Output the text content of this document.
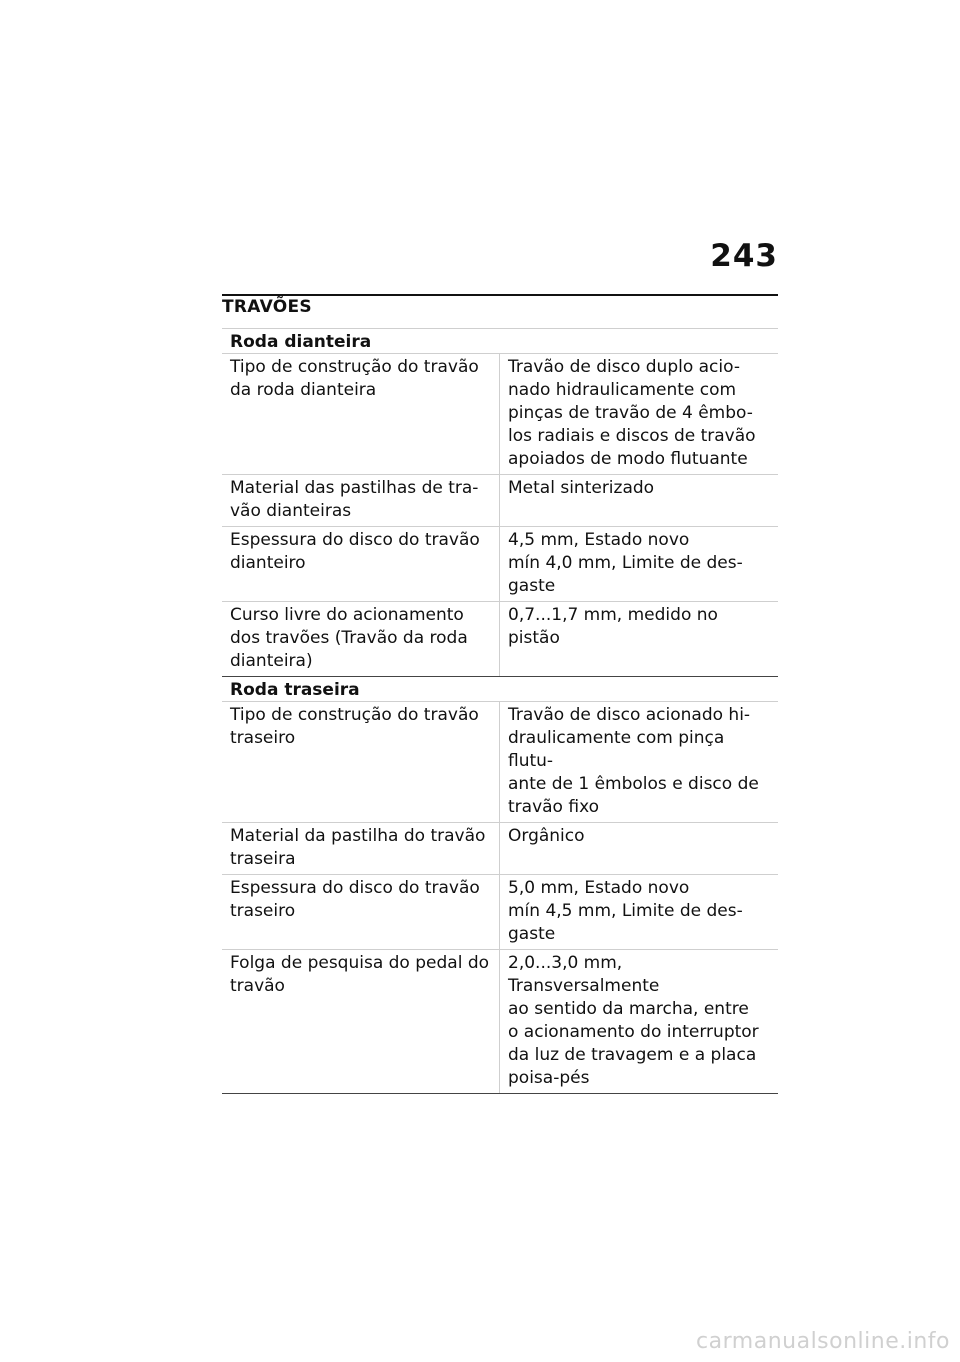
243
TRAVÕES
Roda dianteira
Tipo de construção do travão
da roda dianteira
Travão de disco duplo acio-
nado hidraulicamente com
pinças de travão de 4 êmbo-
los radiais e discos de travão
apoiados de modo flutuante
Material das pastilhas de tra-
vão dianteiras
Metal sinterizado
Espessura do disco do travão
dianteiro
4,5 mm, Estado novo
mín 4,0 mm, Limite de des-
gaste
Curso livre do acionamento
dos travões (Travão da roda
dianteira)
0,7...1,7 mm, medido no pistão
Roda traseira
Tipo de construção do travão
traseiro
Travão de disco acionado hi-
draulicamente com pinça flutu-
ante de 1 êmbolos e disco de
travão fixo
Material da pastilha do travão
traseira
Orgânico
Espessura do disco do travão
traseiro
5,0 mm, Estado novo
mín 4,5 mm, Limite de des-
gaste
Folga de pesquisa do pedal do
travão
2,0...3,0 mm, Transversalmente
ao sentido da marcha, entre
o acionamento do interruptor
da luz de travagem e a placa
poisa-pés
carmanualsonline.info
